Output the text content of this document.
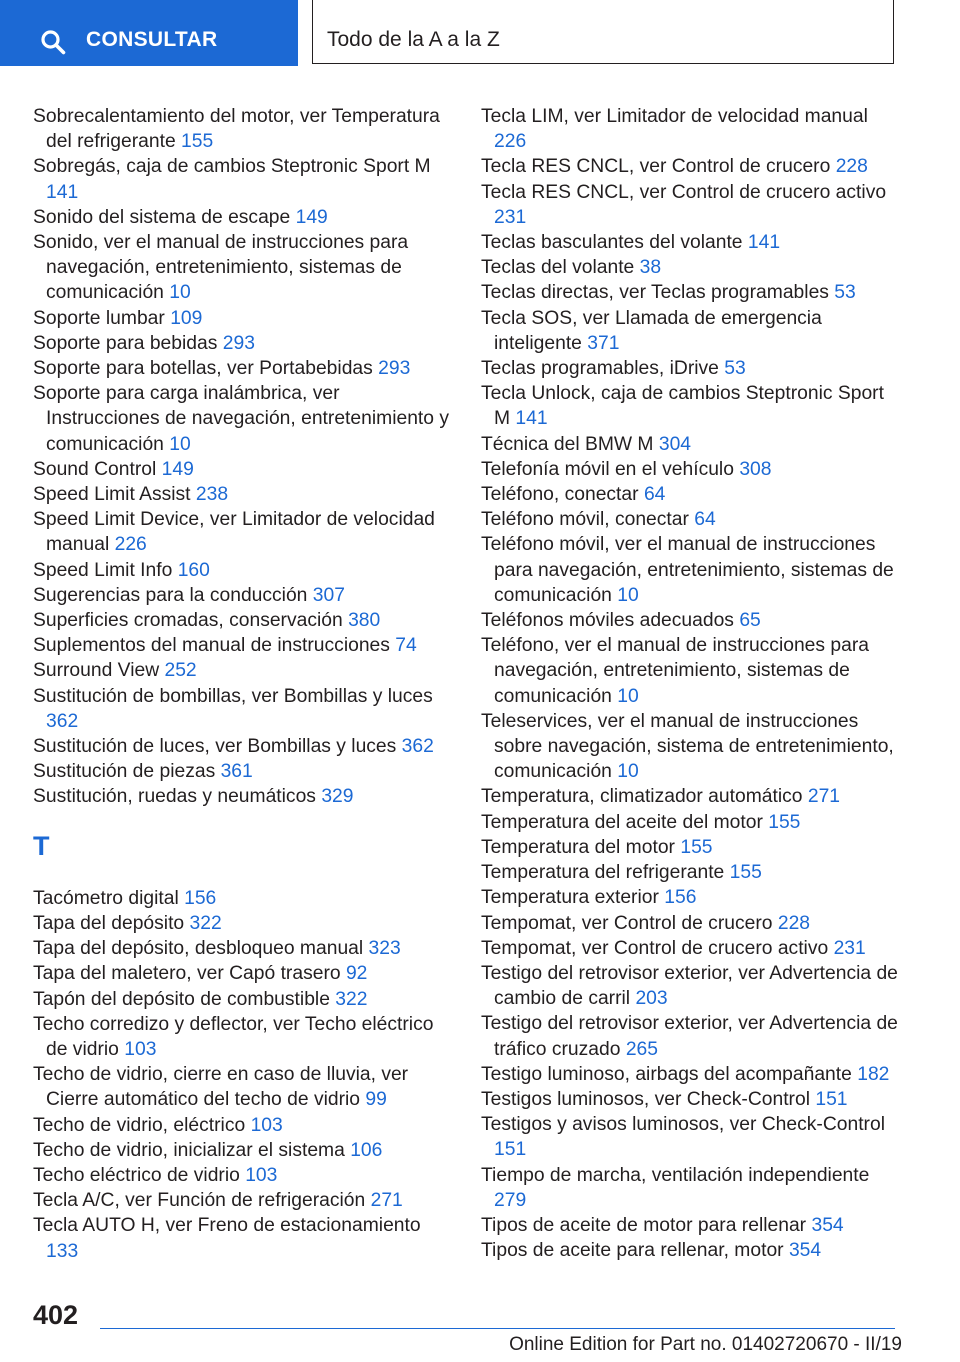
CONSULTAR	Todo de la A a la Z
Sobrecalentamiento del motor, ver Temperatura del refrigerante 155
Sobregás, caja de cambios Steptronic Sport M 141
Sonido del sistema de escape 149
Sonido, ver el manual de instrucciones para navegación, entretenimiento, sistemas de comunicación 10
Soporte lumbar 109
Soporte para bebidas 293
Soporte para botellas, ver Portabebidas 293
Soporte para carga inalámbrica, ver Instrucciones de navegación, entretenimiento y comunicación 10
Sound Control 149
Speed Limit Assist 238
Speed Limit Device, ver Limitador de velocidad manual 226
Speed Limit Info 160
Sugerencias para la conducción 307
Superficies cromadas, conservación 380
Suplementos del manual de instrucciones 74
Surround View 252
Sustitución de bombillas, ver Bombillas y luces 362
Sustitución de luces, ver Bombillas y luces 362
Sustitución de piezas 361
Sustitución, ruedas y neumáticos 329
T
Tacómetro digital 156
Tapa del depósito 322
Tapa del depósito, desbloqueo manual 323
Tapa del maletero, ver Capó trasero 92
Tapón del depósito de combustible 322
Techo corredizo y deflector, ver Techo eléctrico de vidrio 103
Techo de vidrio, cierre en caso de lluvia, ver Cierre automático del techo de vidrio 99
Techo de vidrio, eléctrico 103
Techo de vidrio, inicializar el sistema 106
Techo eléctrico de vidrio 103
Tecla A/C, ver Función de refrigeración 271
Tecla AUTO H, ver Freno de estacionamiento 133
Tecla LIM, ver Limitador de velocidad manual 226
Tecla RES CNCL, ver Control de crucero 228
Tecla RES CNCL, ver Control de crucero activo 231
Teclas basculantes del volante 141
Teclas del volante 38
Teclas directas, ver Teclas programables 53
Tecla SOS, ver Llamada de emergencia inteligente 371
Teclas programables, iDrive 53
Tecla Unlock, caja de cambios Steptronic Sport M 141
Técnica del BMW M 304
Telefonía móvil en el vehículo 308
Teléfono, conectar 64
Teléfono móvil, conectar 64
Teléfono móvil, ver el manual de instrucciones para navegación, entretenimiento, sistemas de comunicación 10
Teléfonos móviles adecuados 65
Teléfono, ver el manual de instrucciones para navegación, entretenimiento, sistemas de comunicación 10
Teleservices, ver el manual de instrucciones sobre navegación, sistema de entretenimiento, comunicación 10
Temperatura, climatizador automático 271
Temperatura del aceite del motor 155
Temperatura del motor 155
Temperatura del refrigerante 155
Temperatura exterior 156
Tempomat, ver Control de crucero 228
Tempomat, ver Control de crucero activo 231
Testigo del retrovisor exterior, ver Advertencia de cambio de carril 203
Testigo del retrovisor exterior, ver Advertencia de tráfico cruzado 265
Testigo luminoso, airbags del acompañante 182
Testigos luminosos, ver Check-Control 151
Testigos y avisos luminosos, ver Check-Control 151
Tiempo de marcha, ventilación independiente 279
Tipos de aceite de motor para rellenar 354
Tipos de aceite para rellenar, motor 354
402
Online Edition for Part no. 01402720670 - II/19
